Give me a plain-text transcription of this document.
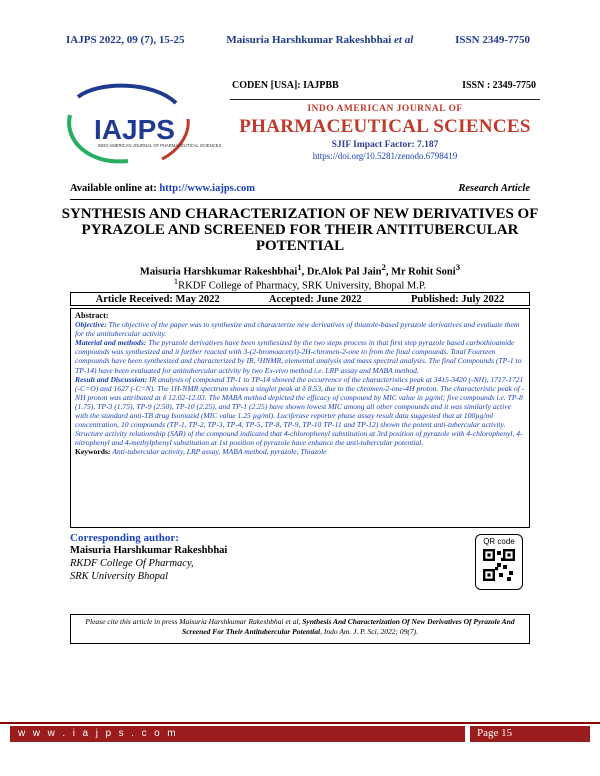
IAJPS 2022, 09 (7), 15-25	Maisuria Harshkumar Rakeshbhai et al	ISSN 2349-7750
IAJPS
INDO AMERICAN JOURNAL OF PHARMACEUTICAL SCIENCES
CODEN [USA]: IAJPBB	ISSN : 2349-7750
INDO AMERICAN JOURNAL OF
PHARMACEUTICAL SCIENCES
SJIF Impact Factor: 7.187
https://doi.org/10.5281/zenodo.6798419
Available online at: http://www.iajps.com	Research Article
SYNTHESIS AND CHARACTERIZATION OF NEW DERIVATIVES OF PYRAZOLE AND SCREENED FOR THEIR ANTITUBERCULAR POTENTIAL
Maisuria Harshkumar Rakeshbhai$^1$, Dr.Alok Pal Jain$^2$, Mr Rohit Soni$^3$
$^1$RKDF College of Pharmacy, SRK University, Bhopal M.P.
Article Received: May 2022	Accepted: June 2022	Published: July 2022
Abstract:
Objective: The objective of the paper was to synthesize and characterize new derivatives of thiazole-based pyrazole derivatives and evaluate them for the antitubercular activity.
Material and methods: The pyrazole derivatives have been synthesized by the two steps process in that first step pyrazole based carbothioamide compounds was synthesized and it further reacted with 3-(2-bromoacetyl)-2H-chromen-2-one to from the final compounds. Total Fourteen compounds have been synthesized and characterized by IR, ¹HNMR, elemental analysis and mass spectral analysis. The final Compounds (TP-1 to TP-14) have been evaluated for antitubercular activity by two Ex-vivo method i.e. LRP assay and MABA method.
Result and Discussion: IR analysis of compound TP-1 to TP-14 showed the occurrence of the characteristics peak at 3415-3420 (-NH), 1717-1721 (-C=O) and 1627 (-C=N). The 1H-NMR spectrum shows a singlet peak at δ 8.53, due to the chromen-2-one-4H proton. The characteristic peak of -NH proton was attributed at δ 12.02-12.03. The MABA method depicted the efficacy of compound by MIC value in µg/ml; five compounds i.e. TP-8 (1.75), TP-3 (1.75), TP-9 (2.50), TP-10 (2.25), and TP-1 (2.25) have shown lowest MIC among all other compounds and it was similarly active with the standard anti-TB drug Isoniazid (MIC value 1.25 µg/ml). Luciferase reporter phase assay result data suggested that at 100µg/ml concentration, 10 compounds (TP-1, TP-2, TP-3, TP-4, TP-5, TP-8, TP-9, TP-10 TP-11 and TP-12) shown the potent anti-tubercular activity. Structure activity relationship (SAR) of the compound indicated that 4-chlorophenyl substitution at 3rd position of pyrazole with 4-chlorophenyl, 4-nitrophenyl and 4-methylphenyl substitution at 1st position of pyrazole have enhance the anti-tubercular potential.
Keywords: Anti-tubercular activity, LRP assay, MABA method, pyrazole, Thiazole
Corresponding author:
Maisuria Harshkumar Rakeshbhai
RKDF College Of Pharmacy,
SRK University Bhopal
QR code
Please cite this article in press Maisuria Harshkumar Rakeshbhai et al, Synthesis And Characterization Of New Derivatives Of Pyrazole And Screened For Their Antitubercular Potential, Indo Am. J. P. Sci, 2022; 09(7).
w w w . i a j p s . c o m	Page 15
